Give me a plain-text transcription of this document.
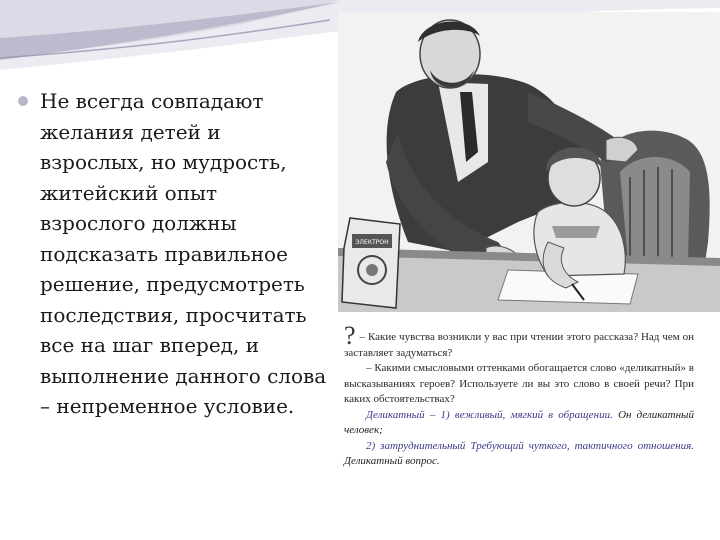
Не всегда совпадают желания детей и взрослых, но мудрость, житейский опыт взрослого должны подсказать правильное решение, предусмотреть последствия, просчитать все на шаг вперед, и выполнение данного слова – непременное условие.
ЭЛЕКТРОН

? – Какие чувства возникли у вас при чтении этого рассказа? Над чем он заставляет задуматься?

– Какими смысловыми оттенками обогащается слово «деликатный» в высказываниях героев? Используете ли вы это слово в своей речи? При каких обстоятельствах?

Деликатный – 1) вежливый, мягкий в обращении. Он деликатный человек;

2) затруднительный Требующий чуткого, тактичного отношения. Деликатный вопрос.
